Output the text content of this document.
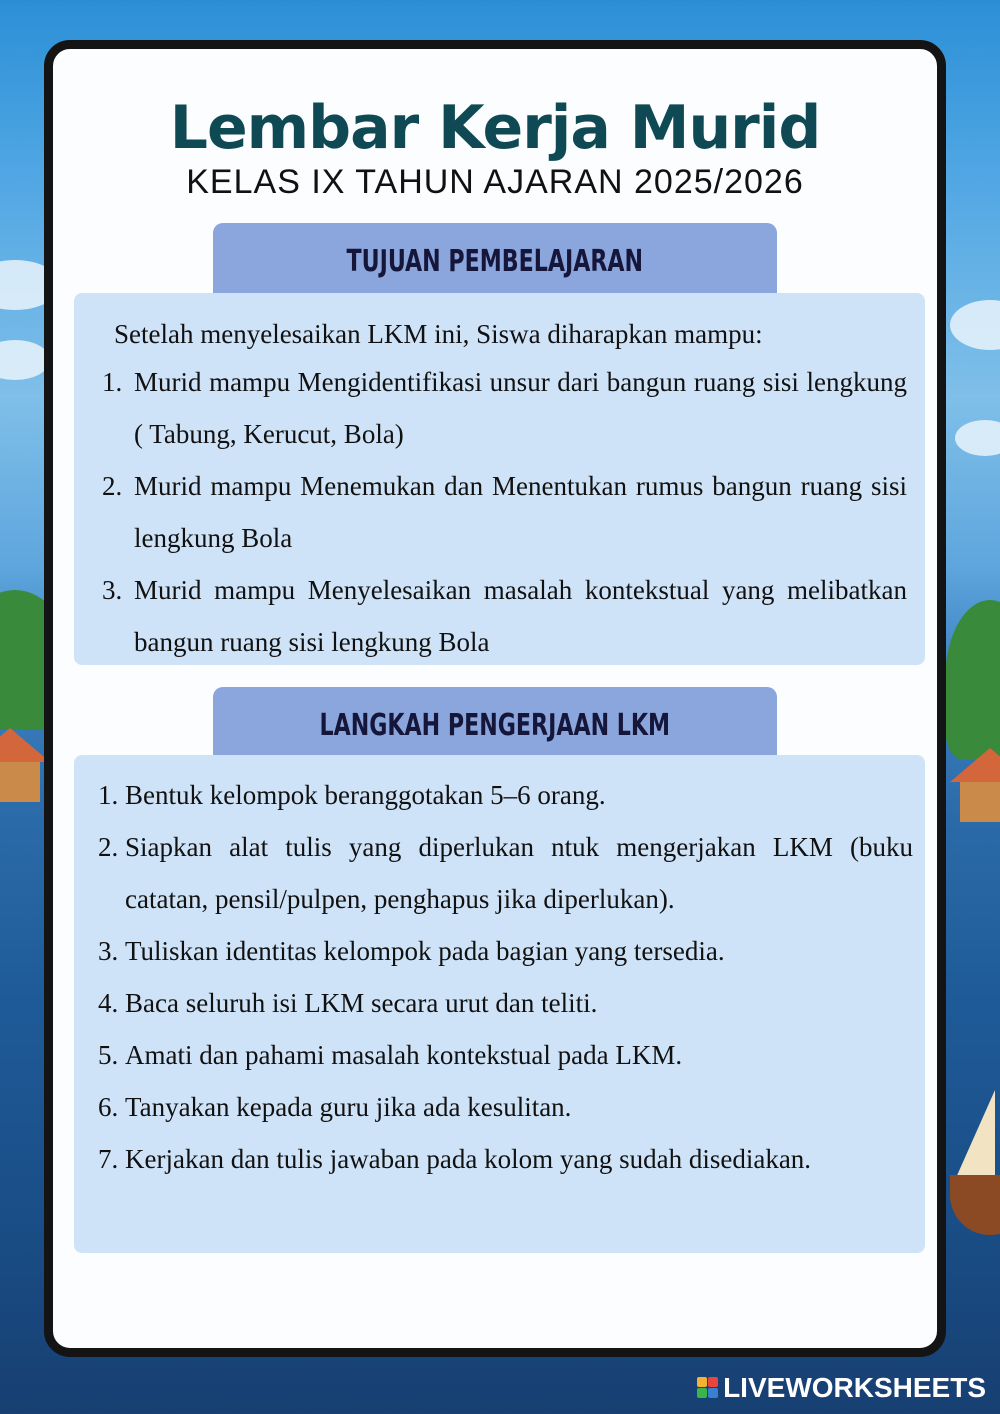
Lembar Kerja Murid
KELAS IX TAHUN AJARAN 2025/2026
TUJUAN PEMBELAJARAN

Setelah menyelesaikan LKM ini, Siswa diharapkan mampu:

1. Murid mampu Mengidentifikasi unsur dari bangun ruang sisi lengkung ( Tabung, Kerucut, Bola)
2. Murid mampu Menemukan dan Menentukan rumus bangun ruang sisi lengkung Bola
3. Murid mampu Menyelesaikan masalah kontekstual yang melibatkan bangun ruang sisi lengkung Bola
LANGKAH PENGERJAAN LKM
1. Bentuk kelompok beranggotakan 5–6 orang.
2. Siapkan alat tulis yang diperlukan ntuk mengerjakan LKM (buku catatan, pensil/pulpen, penghapus jika diperlukan).
3. Tuliskan identitas kelompok pada bagian yang tersedia.
4. Baca seluruh isi LKM secara urut dan teliti.
5. Amati dan pahami masalah kontekstual pada LKM.
6. Tanyakan kepada guru jika ada kesulitan.
7. Kerjakan dan tulis jawaban pada kolom yang sudah disediakan.
LIVEWORKSHEETS
